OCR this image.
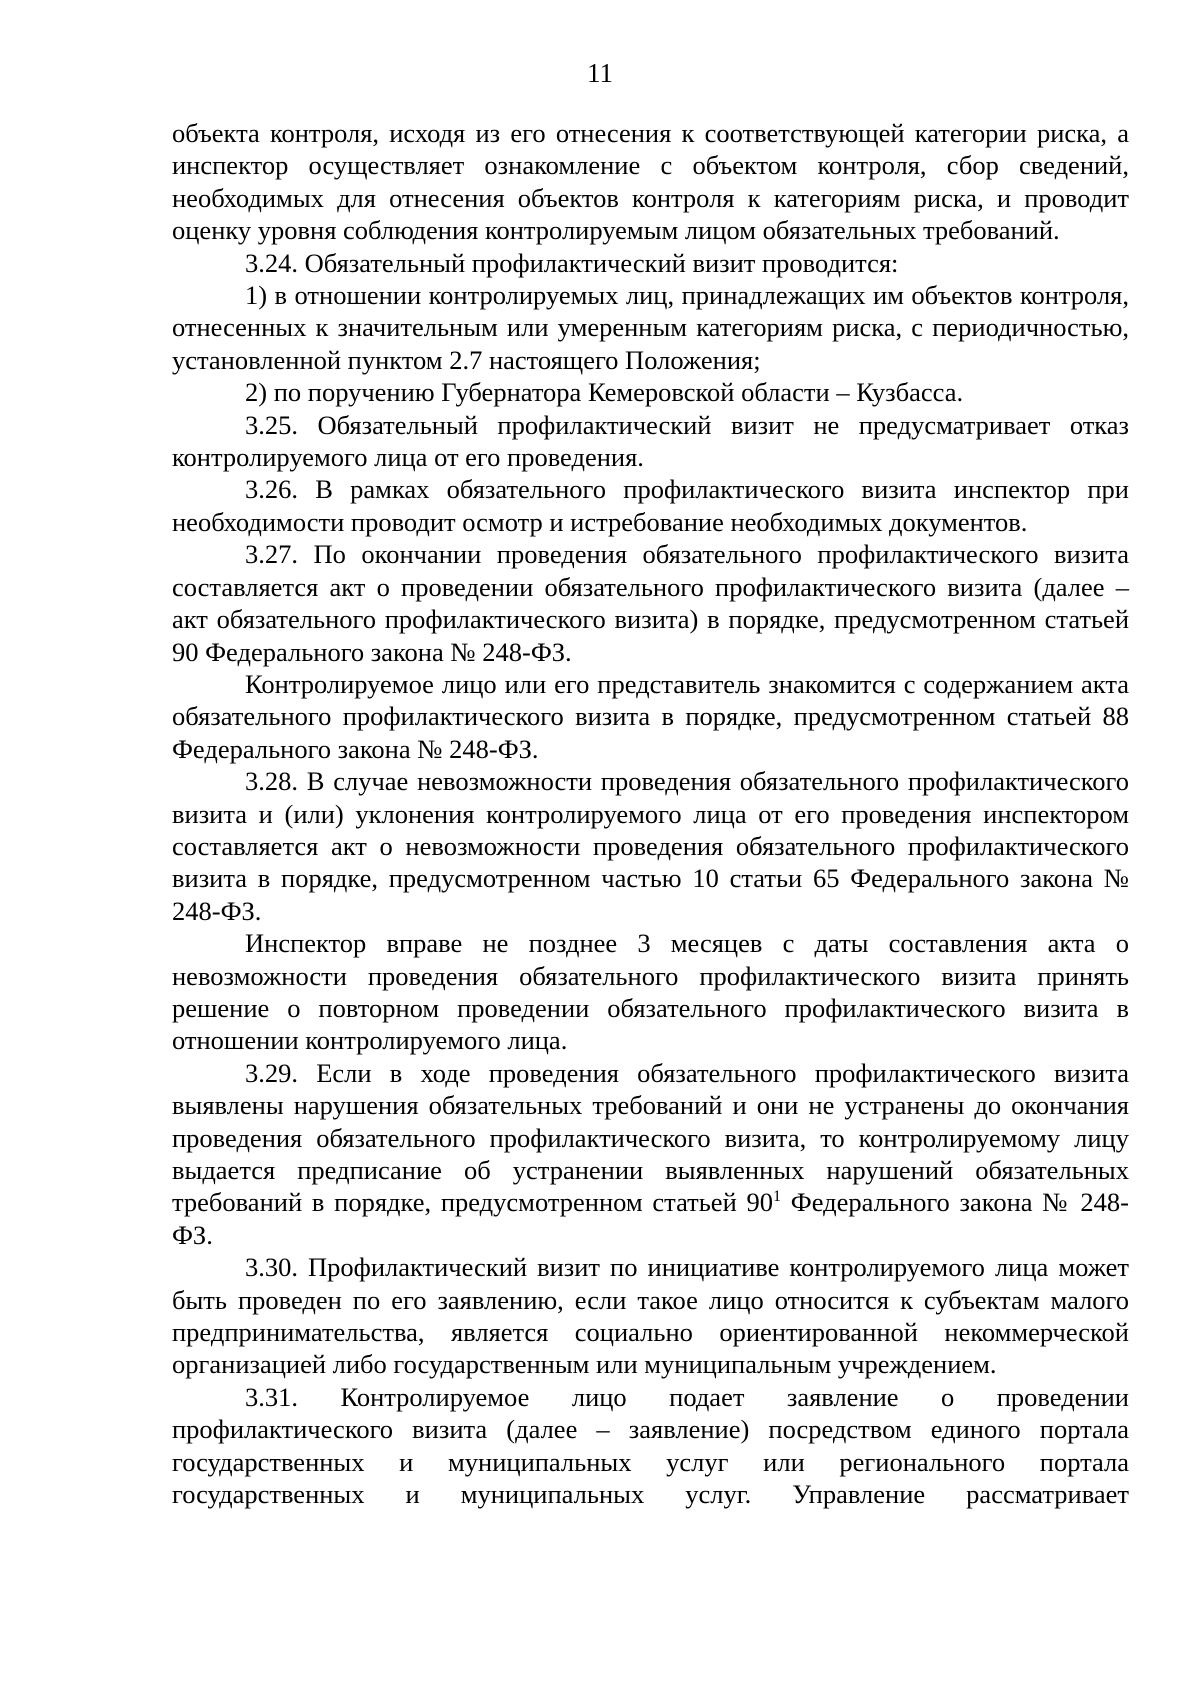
11

объекта контроля, исходя из его отнесения к соответствующей категории риска, а инспектор осуществляет ознакомление с объектом контроля, сбор сведений, необходимых для отнесения объектов контроля к категориям риска, и проводит оценку уровня соблюдения контролируемым лицом обязательных требований.

3.24. Обязательный профилактический визит проводится:

1) в отношении контролируемых лиц, принадлежащих им объектов контроля, отнесенных к значительным или умеренным категориям риска, с периодичностью, установленной пунктом 2.7 настоящего Положения;

2) по поручению Губернатора Кемеровской области – Кузбасса.

3.25. Обязательный профилактический визит не предусматривает отказ контролируемого лица от его проведения.

3.26. В рамках обязательного профилактического визита инспектор при необходимости проводит осмотр и истребование необходимых документов.

3.27. По окончании проведения обязательного профилактического визита составляется акт о проведении обязательного профилактического визита (далее – акт обязательного профилактического визита) в порядке, предусмотренном статьей 90 Федерального закона № 248-ФЗ.

Контролируемое лицо или его представитель знакомится с содержанием акта обязательного профилактического визита в порядке, предусмотренном статьей 88 Федерального закона № 248-ФЗ.

3.28. В случае невозможности проведения обязательного профилактического визита и (или) уклонения контролируемого лица от его проведения инспектором составляется акт о невозможности проведения обязательного профилактического визита в порядке, предусмотренном частью 10 статьи 65 Федерального закона № 248-ФЗ.

Инспектор вправе не позднее 3 месяцев с даты составления акта о невозможности проведения обязательного профилактического визита принять решение о повторном проведении обязательного профилактического визита в отношении контролируемого лица.

3.29. Если в ходе проведения обязательного профилактического визита выявлены нарушения обязательных требований и они не устранены до окончания проведения обязательного профилактического визита, то контролируемому лицу выдается предписание об устранении выявленных нарушений обязательных требований в порядке, предусмотренном статьей $90^1$ Федерального закона № 248-ФЗ.

3.30. Профилактический визит по инициативе контролируемого лица может быть проведен по его заявлению, если такое лицо относится к субъектам малого предпринимательства, является социально ориентированной некоммерческой организацией либо государственным или муниципальным учреждением.

3.31. Контролируемое лицо подает заявление о проведении профилактического визита (далее – заявление) посредством единого портала государственных и муниципальных услуг или регионального портала государственных и муниципальных услуг. Управление рассматривает
